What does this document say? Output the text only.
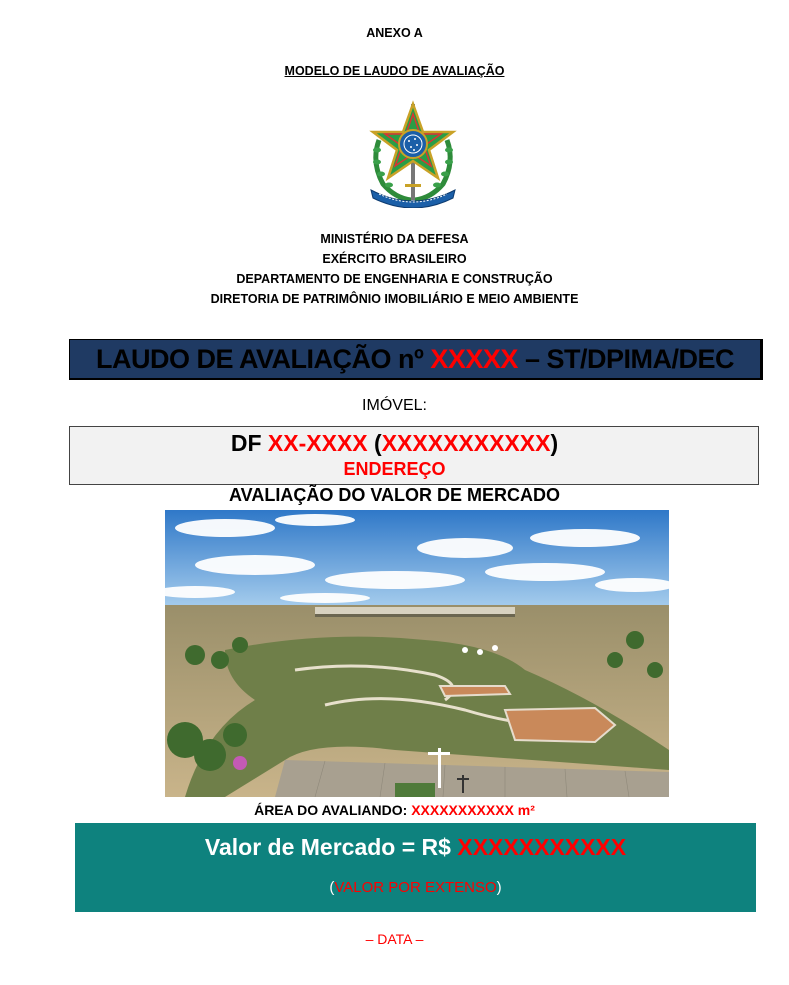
ANEXO A
MODELO DE LAUDO DE AVALIAÇÃO
MINISTÉRIO DA DEFESA
EXÉRCITO BRASILEIRO
DEPARTAMENTO DE ENGENHARIA E CONSTRUÇÃO
DIRETORIA DE PATRIMÔNIO IMOBILIÁRIO E MEIO AMBIENTE
LAUDO DE AVALIAÇÃO nº XXXXX – ST/DPIMA/DEC
IMÓVEL:
DF XX-XXXX (XXXXXXXXXXX)
ENDEREÇO
AVALIAÇÃO DO VALOR DE MERCADO
ÁREA DO AVALIANDO: XXXXXXXXXXX m²
Valor de Mercado = R$ XXXXXXXXXXX
(VALOR POR EXTENSO)
– DATA –
